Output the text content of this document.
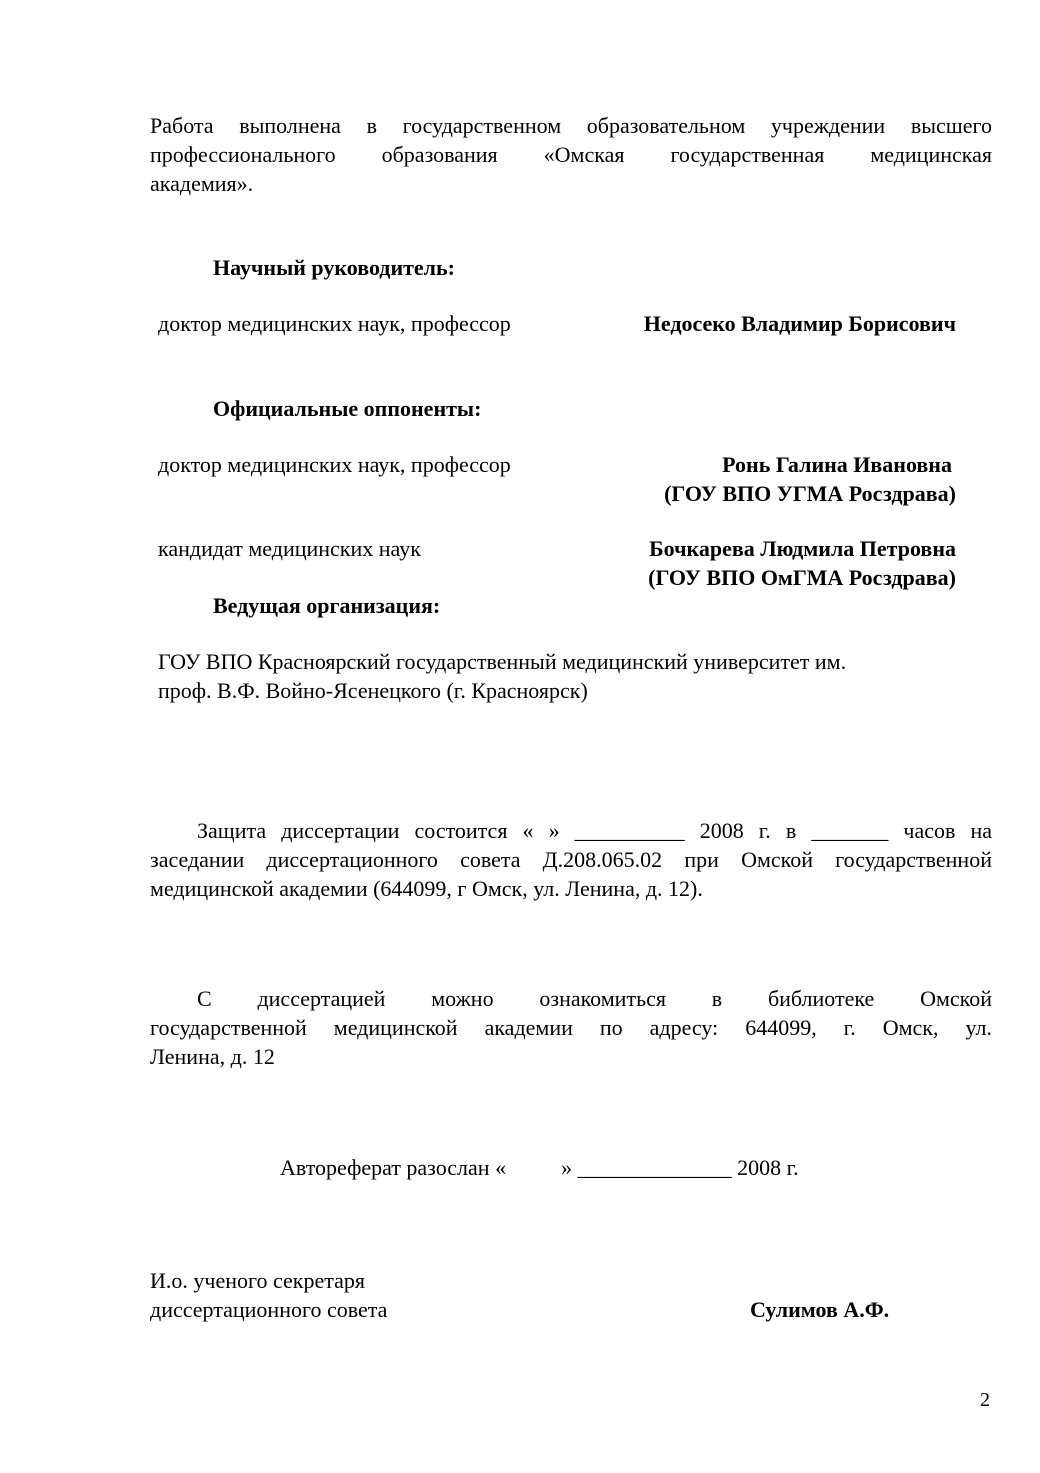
Работа выполнена в государственном образовательном учреждении высшего
профессионального образования «Омская государственная медицинская
академия».
Научный руководитель:
доктор медицинских наук, профессор	Недосеко Владимир Борисович
Официальные оппоненты:
доктор медицинских наук, профессор	Ронь Галина Ивановна
(ГОУ ВПО УГМА Росздрава)
кандидат медицинских наук	Бочкарева Людмила Петровна
(ГОУ ВПО ОмГМА Росздрава)
Ведущая организация:
ГОУ ВПО Красноярский государственный медицинский университет им.
проф. В.Ф. Войно-Ясенецкого (г. Красноярск)
Защита диссертации состоится « » __________ 2008 г. в _______ часов на
заседании диссертационного совета Д.208.065.02 при Омской государственной
медицинской академии (644099, г Омск, ул. Ленина, д. 12).
С диссертацией можно ознакомиться в библиотеке Омской
государственной медицинской академии по адресу: 644099, г. Омск, ул.
Ленина, д. 12
Автореферат разослан «          » ______________ 2008 г.
И.о. ученого секретаря
диссертационного совета	Сулимов А.Ф.
2
